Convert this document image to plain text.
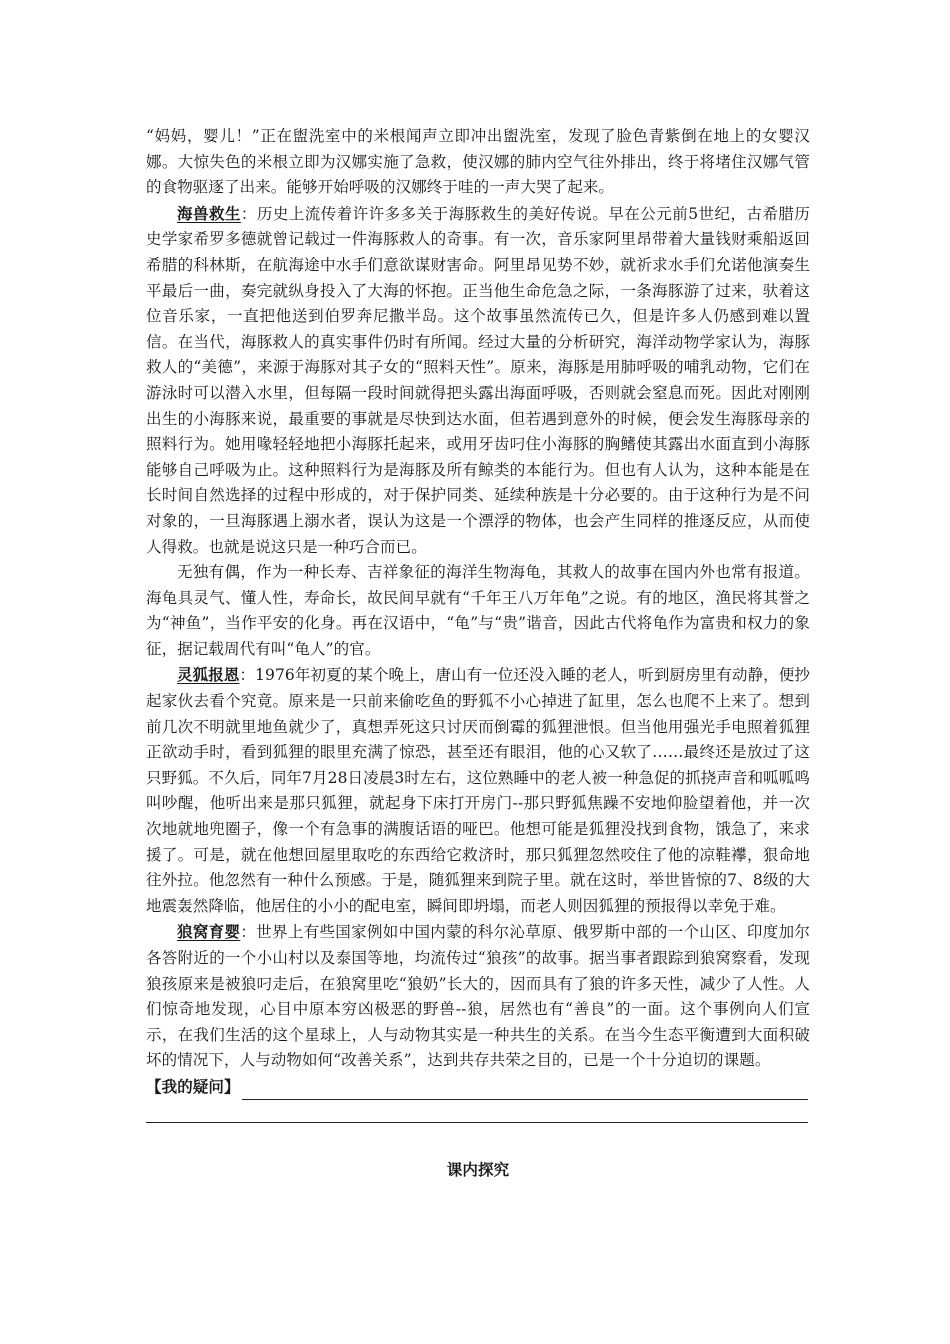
“妈妈，婴儿！”正在盥洗室中的米根闻声立即冲出盥洗室，发现了脸色青紫倒在地上的女婴汉娜。大惊失色的米根立即为汉娜实施了急救，使汉娜的肺内空气往外排出，终于将堵住汉娜气管的食物驱逐了出来。能够开始呼吸的汉娜终于哇的一声大哭了起来。

海兽救生：历史上流传着许许多多关于海豚救生的美好传说。早在公元前5世纪，古希腊历史学家希罗多德就曾记载过一件海豚救人的奇事。有一次，音乐家阿里昂带着大量钱财乘船返回希腊的科林斯，在航海途中水手们意欲谋财害命。阿里昂见势不妙，就祈求水手们允诺他演奏生平最后一曲，奏完就纵身投入了大海的怀抱。正当他生命危急之际，一条海豚游了过来，驮着这位音乐家，一直把他送到伯罗奔尼撒半岛。这个故事虽然流传已久，但是许多人仍感到难以置信。在当代，海豚救人的真实事件仍时有所闻。经过大量的分析研究，海洋动物学家认为，海豚救人的“美德”，来源于海豚对其子女的“照料天性”。原来，海豚是用肺呼吸的哺乳动物，它们在游泳时可以潜入水里，但每隔一段时间就得把头露出海面呼吸，否则就会窒息而死。因此对刚刚出生的小海豚来说，最重要的事就是尽快到达水面，但若遇到意外的时候，便会发生海豚母亲的照料行为。她用喙轻轻地把小海豚托起来，或用牙齿叼住小海豚的胸鳍使其露出水面直到小海豚能够自己呼吸为止。这种照料行为是海豚及所有鲸类的本能行为。但也有人认为，这种本能是在长时间自然选择的过程中形成的，对于保护同类、延续种族是十分必要的。由于这种行为是不问对象的，一旦海豚遇上溺水者，误认为这是一个漂浮的物体，也会产生同样的推逐反应，从而使人得救。也就是说这只是一种巧合而已。

无独有偶，作为一种长寿、吉祥象征的海洋生物海龟，其救人的故事在国内外也常有报道。海龟具灵气、懂人性，寿命长，故民间早就有“千年王八万年龟”之说。有的地区，渔民将其誉之为“神鱼”，当作平安的化身。再在汉语中，“龟”与“贵”谐音，因此古代将龟作为富贵和权力的象征，据记载周代有叫“龟人”的官。

灵狐报恩：1976年初夏的某个晚上，唐山有一位还没入睡的老人，听到厨房里有动静，便抄起家伙去看个究竟。原来是一只前来偷吃鱼的野狐不小心掉进了缸里，怎么也爬不上来了。想到前几次不明就里地鱼就少了，真想弄死这只讨厌而倒霉的狐狸泄恨。但当他用强光手电照着狐狸正欲动手时，看到狐狸的眼里充满了惊恐，甚至还有眼泪，他的心又软了……最终还是放过了这只野狐。不久后，同年7月28日凌晨3时左右，这位熟睡中的老人被一种急促的抓挠声音和呱呱鸣叫吵醒，他听出来是那只狐狸，就起身下床打开房门--那只野狐焦躁不安地仰脸望着他，并一次次地就地兜圈子，像一个有急事的满腹话语的哑巴。他想可能是狐狸没找到食物，饿急了，来求援了。可是，就在他想回屋里取吃的东西给它救济时，那只狐狸忽然咬住了他的凉鞋襻，狠命地往外拉。他忽然有一种什么预感。于是，随狐狸来到院子里。就在这时，举世皆惊的7、8级的大地震轰然降临，他居住的小小的配电室，瞬间即坍塌，而老人则因狐狸的预报得以幸免于难。

狼窝育婴：世界上有些国家例如中国内蒙的科尔沁草原、俄罗斯中部的一个山区、印度加尔各答附近的一个小山村以及泰国等地，均流传过“狼孩”的故事。据当事者跟踪到狼窝察看，发现狼孩原来是被狼叼走后，在狼窝里吃“狼奶”长大的，因而具有了狼的许多天性，减少了人性。人们惊奇地发现，心目中原本穷凶极恶的野兽--狼，居然也有“善良”的一面。这个事例向人们宣示，在我们生活的这个星球上，人与动物其实是一种共生的关系。在当今生态平衡遭到大面积破坏的情况下，人与动物如何“改善关系”，达到共存共荣之目的，已是一个十分迫切的课题。

【我的疑问】
课内探究
